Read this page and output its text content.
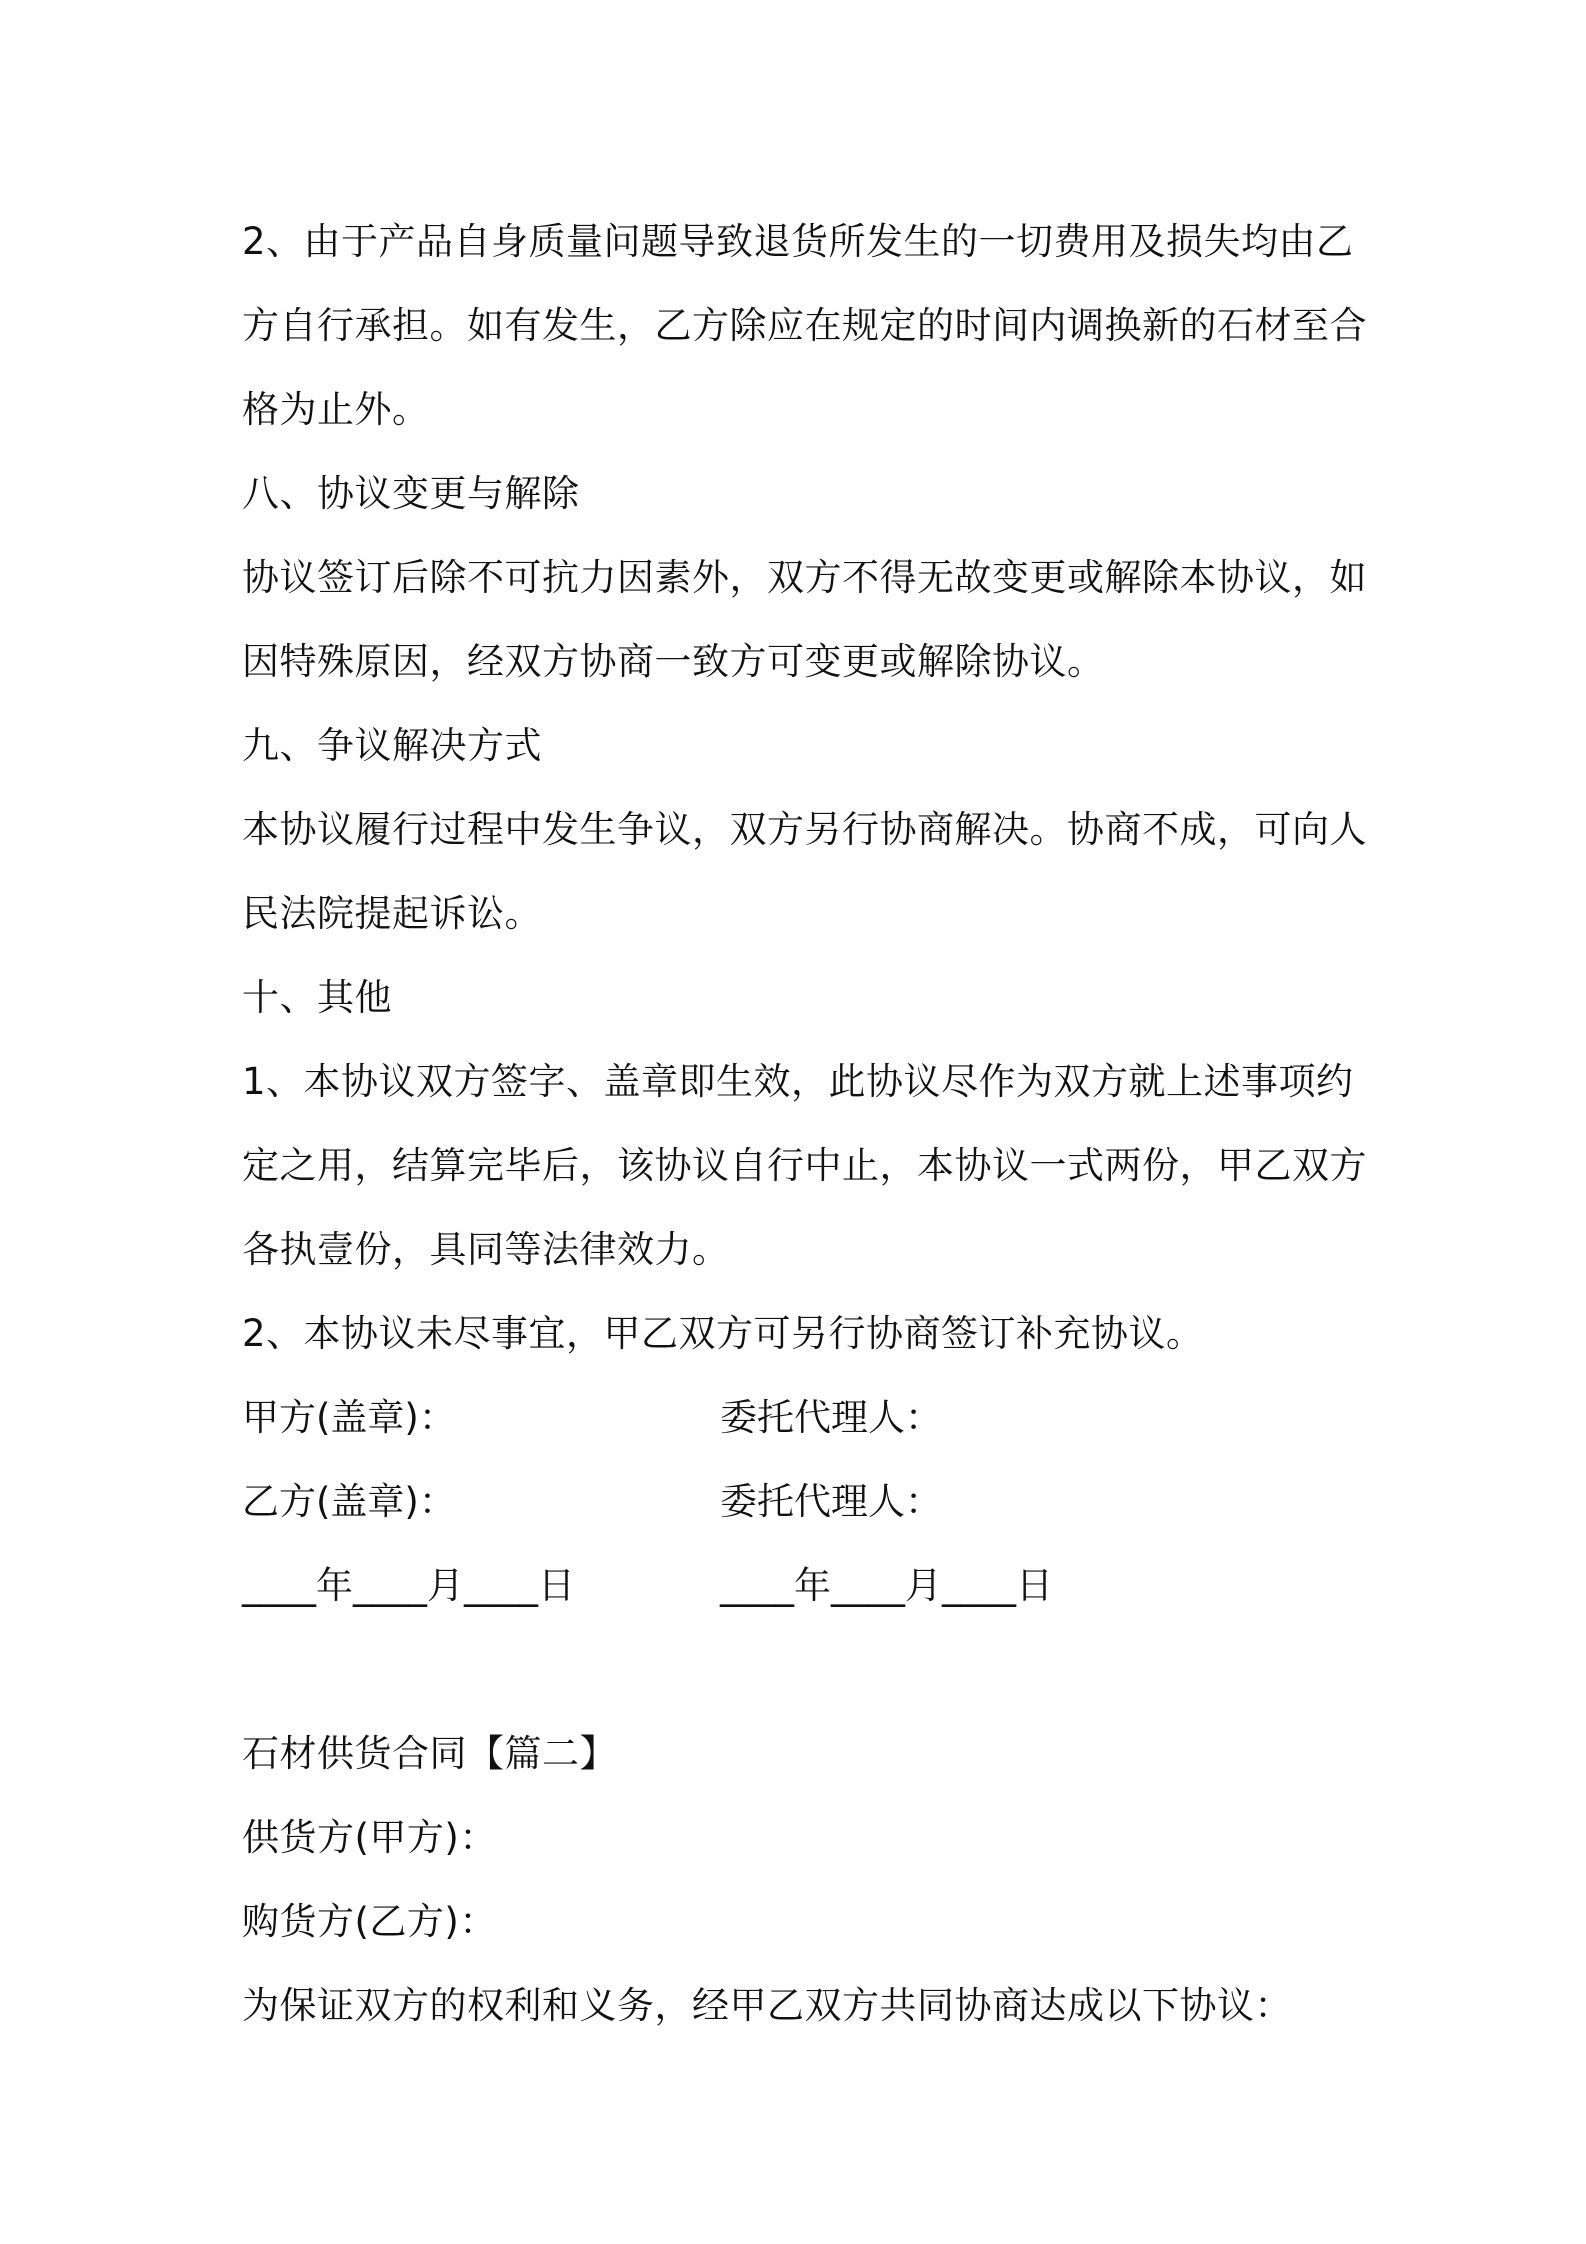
2、由于产品自身质量问题导致退货所发生的一切费用及损失均由乙
方自行承担。如有发生，乙方除应在规定的时间内调换新的石材至合
格为止外。
八、协议变更与解除
协议签订后除不可抗力因素外，双方不得无故变更或解除本协议，如
因特殊原因，经双方协商一致方可变更或解除协议。
九、争议解决方式
本协议履行过程中发生争议，双方另行协商解决。协商不成，可向人
民法院提起诉讼。
十、其他
1、本协议双方签字、盖章即生效，此协议尽作为双方就上述事项约
定之用，结算完毕后，该协议自行中止，本协议一式两份，甲乙双方
各执壹份，具同等法律效力。
2、本协议未尽事宜，甲乙双方可另行协商签订补充协议。
甲方(盖章)：	委托代理人：
乙方(盖章)：	委托代理人：
____年____月____日	____年____月____日
石材供货合同【篇二】
供货方(甲方)：
购货方(乙方)：
为保证双方的权利和义务，经甲乙双方共同协商达成以下协议：
